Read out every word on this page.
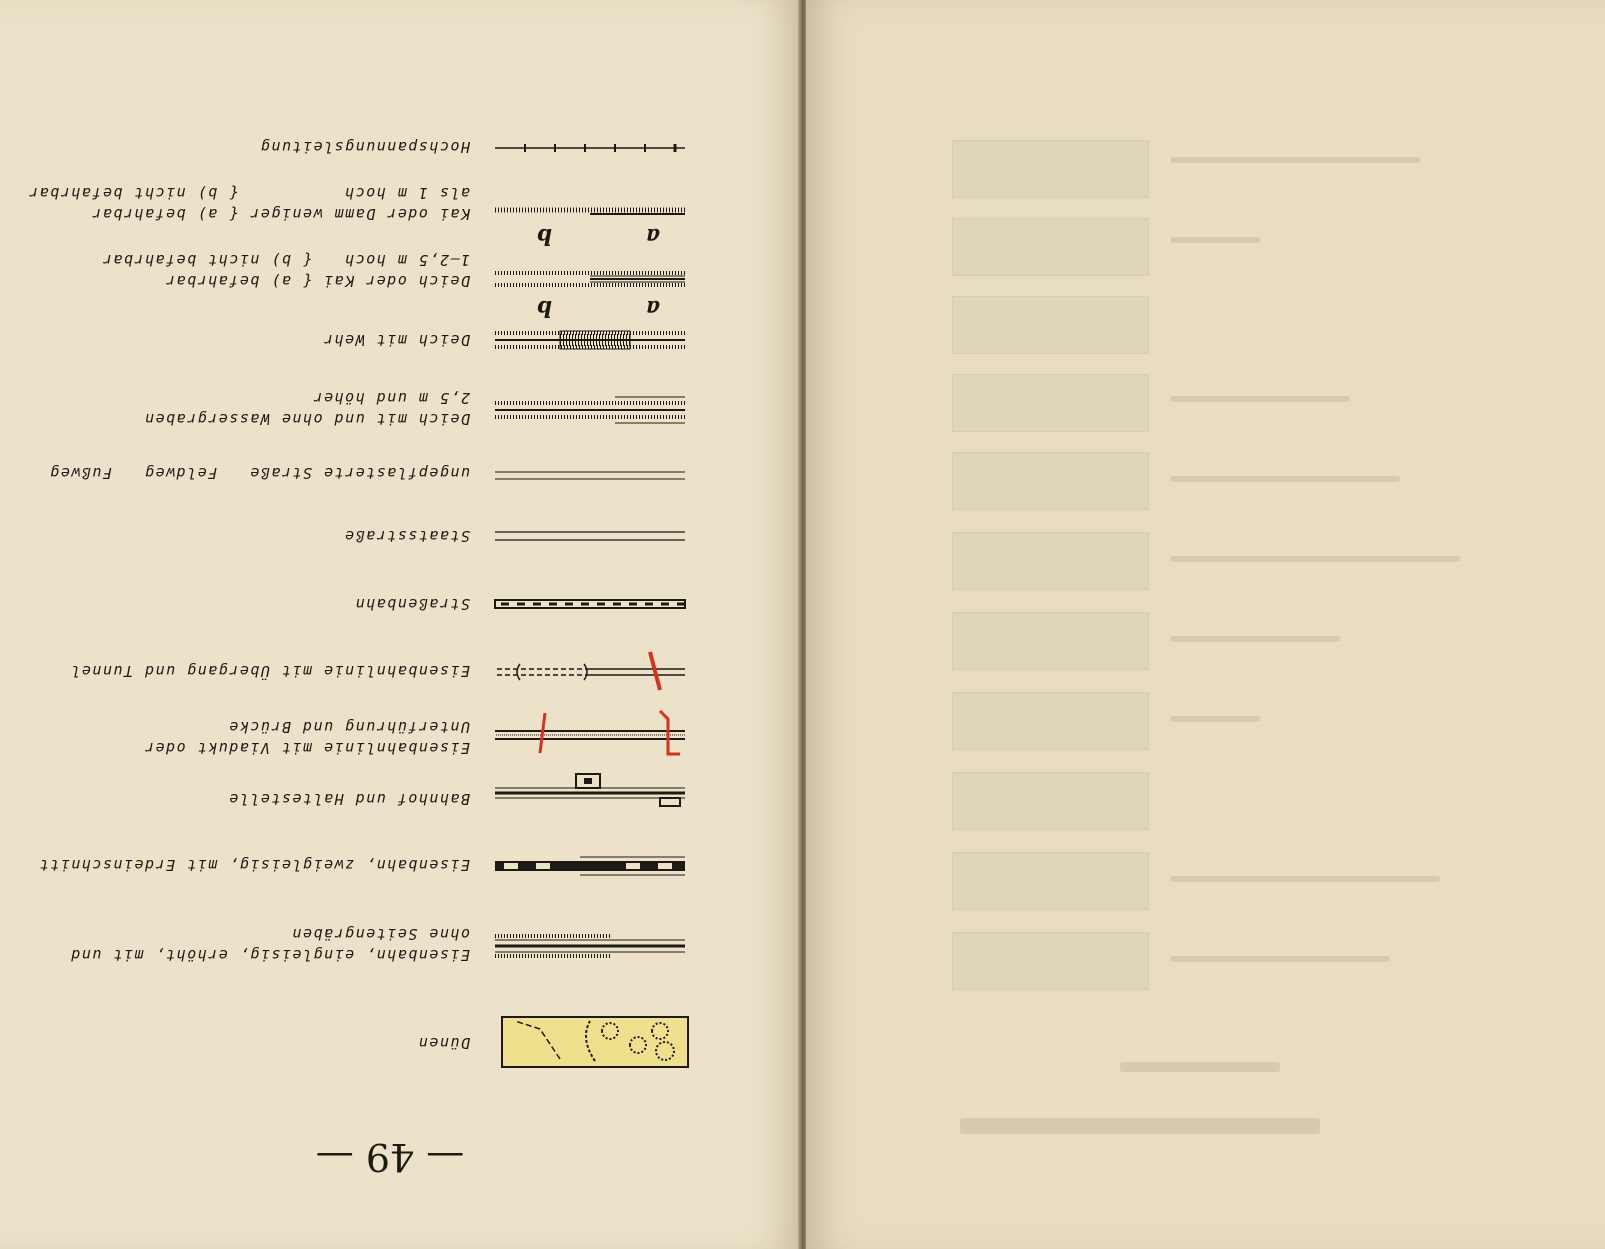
— 49 —
Dünen
Eisenbahn, eingleisig, erhöht, mit und
ohne Seitengräben
Eisenbahn, zweigleisig, mit Erdeinschnitt
Bahnhof und Haltestelle
Eisenbahnlinie mit Viadukt oder
Unterführung und Brücke
Eisenbahnlinie mit Übergang und Tunnel
Straßenbahn
Staatsstraße
ungepflasterte Straße   Feldweg   Fußweg
Deich mit und ohne Wassergraben
2,5 m und höher
Deich mit Wehr
a
b
Deich oder Kai { a) befahrbar
1—2,5 m hoch   { b) nicht befahrbar
a
b
Kai oder Damm weniger { a) befahrbar
als 1 m hoch          { b) nicht befahrbar
Hochspannungsleitung
